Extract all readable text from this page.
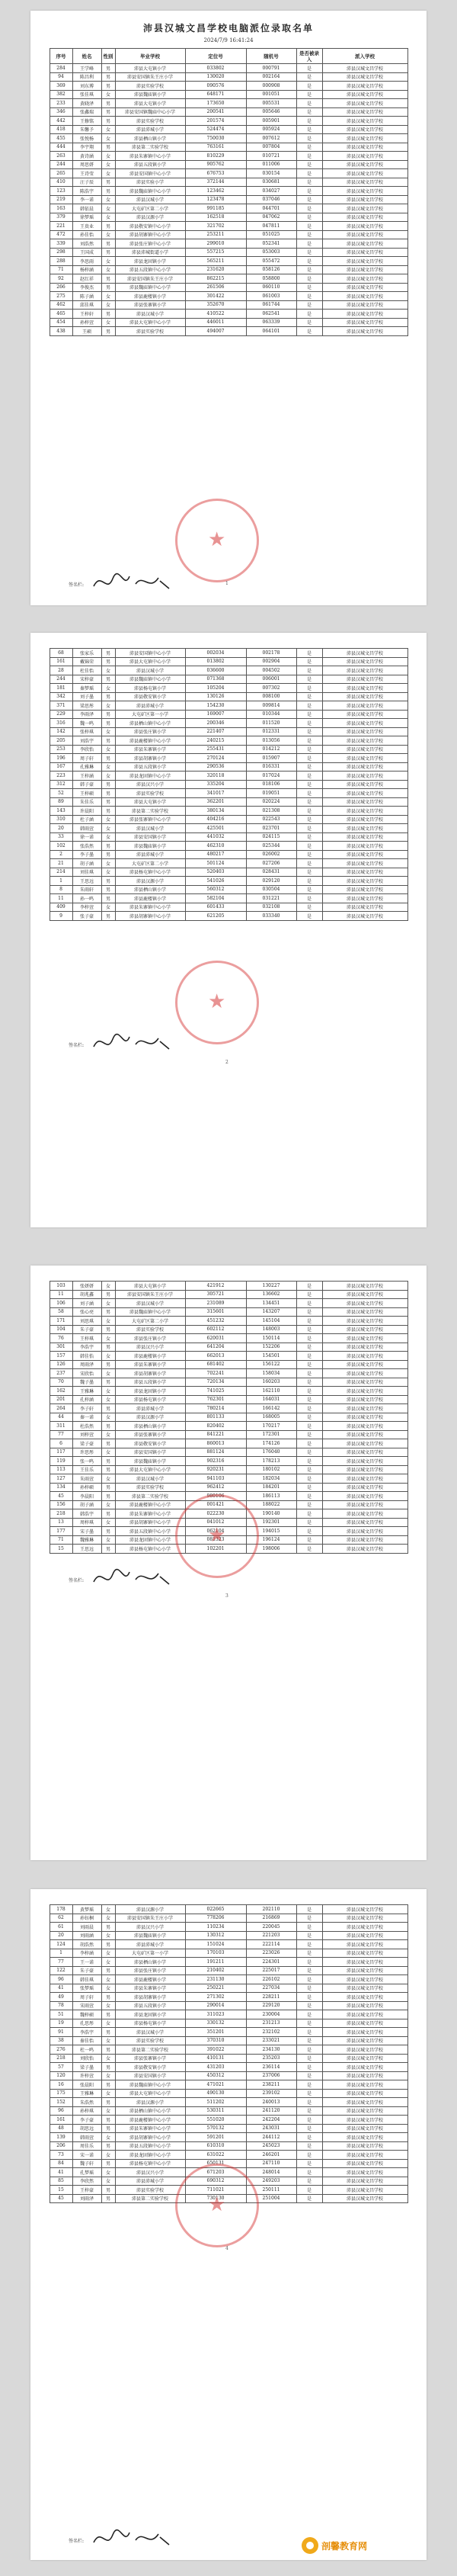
沛县汉城文昌学校电脑派位录取名单
2024/7/9 16:41:24
序号	姓名	性别	毕业学校	定位号	随机号	是否被录入	派入学校
284	王学峰	男	沛县大屯镇小学	033802	000791	是	沛县汉城文昌学校
94	陈昌利	男	沛县安国镇朱王庄小学	130020	002164	是	沛县汉城文昌学校
369	刘东博	男	沛县实验学校	090576	000908	是	沛县汉城文昌学校
382	张佳琪	女	沛县魏庙镇小学	648171	001051	是	沛县汉城文昌学校
233	黄晓泽	男	沛县大屯镇小学	173650	005531	是	沛县汉城文昌学校
346	张鑫瑞	男	沛县安国镇魏庙中心小学	200541	005646	是	沛县汉城文昌学校
442	王修铭	男	沛县实验学校	201574	005901	是	沛县汉城文昌学校
418	朱馨予	女	沛县沛城小学	524474	005924	是	沛县汉城文昌学校
455	张悦杨	女	沛县栖山镇小学	750030	007612	是	沛县汉城文昌学校
444	李宇翔	男	沛县第二实验学校	763161	007804	是	沛县汉城文昌学校
263	黄诗涵	女	沛县朱寨镇中心小学	810229	010721	是	沛县汉城文昌学校
244	周思妍	女	沛县五段镇小学	905762	011006	是	沛县汉城文昌学校
265	王诗莹	女	沛县安国镇中心小学	676753	030154	是	沛县汉城文昌学校
410	汪子辰	男	沛县实验小学	372144	030681	是	沛县汉城文昌学校
123	陈浩宇	男	沛县魏庙镇中心小学	123462	034027	是	沛县汉城文昌学校
219	李一诺	女	沛县汉城小学	123478	037046	是	沛县汉城文昌学校
163	韩依晨	女	大屯矿区第二小学	991185	044701	是	沛县汉城文昌学校
379	徐梦瑶	女	沛县汉源小学	162518	047062	是	沛县汉城文昌学校
221	王贵业	男	沛县敬安镇中心小学	321702	047811	是	沛县汉城文昌学校
472	孙佳怡	女	沛县胡寨镇中心小学	253211	051025	是	沛县汉城文昌学校
339	刘浩然	男	沛县张庄镇中心小学	299010	052341	是	沛县汉城文昌学校
298	王国成	男	沛县沛城街道小学	557215	053003	是	沛县汉城文昌学校
288	李思雨	女	沛县龙固镇小学	565211	055472	是	沛县汉城文昌学校
71	杨梓涵	女	沛县五段镇中心小学	231620	058126	是	沛县汉城文昌学校
92	赵红祥	男	沛县安国镇朱王庄小学	862215	058800	是	沛县汉城文昌学校
266	李俊杰	男	沛县魏庙镇中心小学	261506	060110	是	沛县汉城文昌学校
275	陈子涵	女	沛县鹿楼镇小学	301422	061003	是	沛县汉城文昌学校
462	邱佳琪	女	沛县张寨镇小学	352670	061744	是	沛县汉城文昌学校
465	王梓轩	男	沛县汉城小学	410522	062541	是	沛县汉城文昌学校
454	孙梓萱	女	沛县大屯镇中心小学	446011	063339	是	沛县汉城文昌学校
438	王硕	男	沛县实验学校	494007	064101	是	沛县汉城文昌学校
★
签名栏:	1
68	张家乐	男	沛县安国镇中心小学	002034	002178	是	沛县汉城文昌学校
161	戴锦荣	男	沛县大屯镇中心小学	013802	002904	是	沛县汉城文昌学校
28	杜佳怡	女	沛县汉城小学	036600	004502	是	沛县汉城文昌学校
244	宋梓豪	男	沛县魏庙镇中心小学	071368	006001	是	沛县汉城文昌学校
181	秦梦瑶	女	沛县杨屯镇小学	105204	007302	是	沛县汉城文昌学校
342	刘子墨	男	沛县敬安镇小学	130126	008100	是	沛县汉城文昌学校
371	梁思彤	女	沛县沛城小学	154230	009814	是	沛县汉城文昌学校
229	李雨泽	男	大屯矿区第一小学	169007	010344	是	沛县汉城文昌学校
316	魏一鸣	男	沛县栖山镇中心小学	200346	011520	是	沛县汉城文昌学校
142	张梓琪	女	沛县张庄镇小学	221407	012331	是	沛县汉城文昌学校
205	刘浩宇	男	沛县鹿楼镇中心小学	240215	013056	是	沛县汉城文昌学校
253	李欣怡	女	沛县朱寨镇小学	255431	014212	是	沛县汉城文昌学校
196	周子轩	男	沛县胡寨镇小学	270124	015907	是	沛县汉城文昌学校
167	孔雅琳	女	沛县五段镇小学	290536	016331	是	沛县汉城文昌学校
223	王梓涵	女	沛县龙固镇中心小学	320118	017024	是	沛县汉城文昌学校
312	韩子豪	男	沛县汉兴小学	335204	018106	是	沛县汉城文昌学校
52	王梓硕	男	沛县实验学校	341017	019051	是	沛县汉城文昌学校
89	朱佳乐	男	沛县大屯镇小学	362201	020224	是	沛县汉城文昌学校
143	许晨阳	男	沛县第二实验学校	380134	021308	是	沛县汉城文昌学校
310	杜子涵	女	沛县张寨镇中心小学	404216	022543	是	沛县汉城文昌学校
20	韩雨萱	女	沛县汉城小学	425501	023701	是	沛县汉城文昌学校
33	徐一诺	女	沛县安国镇小学	441032	024115	是	沛县汉城文昌学校
102	张浩然	男	沛县魏庙镇小学	462310	025344	是	沛县汉城文昌学校
2	李子墨	男	沛县沛城小学	480217	026002	是	沛县汉城文昌学校
21	胡子涵	女	大屯矿区第二小学	501124	027206	是	沛县汉城文昌学校
214	刘佳琪	女	沛县杨屯镇中心小学	520403	028431	是	沛县汉城文昌学校
1	王思远	男	沛县汉源小学	541026	029120	是	沛县汉城文昌学校
8	朱雨轩	男	沛县栖山镇小学	560312	030504	是	沛县汉城文昌学校
11	孙一鸣	男	沛县鹿楼镇小学	582104	031221	是	沛县汉城文昌学校
409	李梓萱	女	沛县朱寨镇中心小学	601433	032108	是	沛县汉城文昌学校
9	张子豪	男	沛县胡寨镇中心小学	621205	033340	是	沛县汉城文昌学校
★
签名栏:
2
103	张妍妍	女	沛县大屯镇小学	421912	130227	是	沛县汉城文昌学校
11	胡兆鑫	男	沛县安国镇朱王庄小学	305721	136602	是	沛县汉城文昌学校
106	刘子涵	女	沛县汉城小学	231089	134451	是	沛县汉城文昌学校
58	张心亮	男	沛县魏庙镇中心小学	315601	143207	是	沛县汉城文昌学校
171	刘思琪	女	大屯矿区第二小学	451232	145104	是	沛县汉城文昌学校
104	朱子豪	男	沛县实验学校	602112	148003	是	沛县汉城文昌学校
76	王梓琪	女	沛县张庄镇小学	620031	150114	是	沛县汉城文昌学校
301	李浩宇	男	沛县汉兴小学	641204	152206	是	沛县汉城文昌学校
157	韩佳怡	女	沛县鹿楼镇小学	662013	154501	是	沛县汉城文昌学校
126	周雨泽	男	沛县朱寨镇小学	681402	156122	是	沛县汉城文昌学校
237	宋欣怡	女	沛县胡寨镇小学	702241	158034	是	沛县汉城文昌学校
70	魏子墨	男	沛县五段镇小学	720134	160203	是	沛县汉城文昌学校
162	王雅琳	女	沛县龙固镇小学	741025	162110	是	沛县汉城文昌学校
201	孔梓涵	女	沛县杨屯镇小学	762301	164031	是	沛县汉城文昌学校
264	李子轩	男	沛县沛城小学	780214	166142	是	沛县汉城文昌学校
44	秦一诺	女	沛县汉源小学	801133	168005	是	沛县汉城文昌学校
311	杜浩然	男	沛县栖山镇小学	820402	170217	是	沛县汉城文昌学校
77	刘梓萱	女	沛县张寨镇小学	841221	172301	是	沛县汉城文昌学校
6	梁子豪	男	沛县敬安镇小学	860013	174126	是	沛县汉城文昌学校
117	许思彤	女	沛县安国镇小学	881124	176040	是	沛县汉城文昌学校
119	张一鸣	男	沛县魏庙镇小学	902316	178213	是	沛县汉城文昌学校
113	王佳乐	男	沛县大屯镇中心小学	920231	180102	是	沛县汉城文昌学校
127	朱雨萱	女	沛县汉城小学	941103	182034	是	沛县汉城文昌学校
134	孙梓硕	男	沛县实验学校	962412	184201	是	沛县汉城文昌学校
45	李晨阳	男	沛县第二实验学校	980106	186113	是	沛县汉城文昌学校
156	胡子涵	女	沛县鹿楼镇中心小学	001421	188022	是	沛县汉城文昌学校
218	韩浩宇	男	沛县朱寨镇中心小学	022230	190140	是	沛县汉城文昌学校
13	周梓琪	女	沛县胡寨镇中心小学	041012	192301	是	沛县汉城文昌学校
177	宋子墨	男	沛县五段镇中心小学	062104	194015	是	沛县汉城文昌学校
71	魏雅琳	女	沛县龙固镇中心小学	081323	196124	是	沛县汉城文昌学校
15	王思远	男	沛县杨屯镇中心小学	102201	198006	是	沛县汉城文昌学校
★
签名栏:
3
178	黄梦瑶	女	沛县汉源小学	022665	202110	是	沛县汉城文昌学校
62	孙钰桐	女	沛县安国镇朱王庄小学	778206	216869	是	沛县汉城文昌学校
61	刘雨晨	男	沛县汉兴小学	110234	220045	是	沛县汉城文昌学校
20	刘雨涵	女	沛县魏庙镇小学	130312	221203	是	沛县汉城文昌学校
124	胡浩然	男	沛县沛城小学	151024	222114	是	沛县汉城文昌学校
1	李梓涵	女	大屯矿区第一小学	170103	223026	是	沛县汉城文昌学校
77	王一诺	女	沛县栖山镇小学	191211	224301	是	沛县汉城文昌学校
122	朱子豪	男	沛县张庄镇小学	210402	225017	是	沛县汉城文昌学校
96	韩佳琪	女	沛县鹿楼镇小学	231130	226102	是	沛县汉城文昌学校
41	张梦瑶	女	沛县朱寨镇小学	250221	227034	是	沛县汉城文昌学校
49	周子轩	男	沛县胡寨镇小学	271302	228211	是	沛县汉城文昌学校
78	宋雨萱	女	沛县五段镇小学	290014	229120	是	沛县汉城文昌学校
51	魏梓硕	男	沛县龙固镇小学	311023	230004	是	沛县汉城文昌学校
19	孔思彤	女	沛县杨屯镇小学	330132	231213	是	沛县汉城文昌学校
91	李浩宇	男	沛县汉城小学	351201	232102	是	沛县汉城文昌学校
38	秦佳怡	女	沛县实验学校	370310	233021	是	沛县汉城文昌学校
276	杜一鸣	男	沛县第二实验学校	391022	234130	是	沛县汉城文昌学校
218	刘欣怡	女	沛县张寨镇小学	410131	235203	是	沛县汉城文昌学校
57	梁子墨	男	沛县敬安镇小学	431203	236114	是	沛县汉城文昌学校
120	许梓萱	女	沛县安国镇小学	450312	237006	是	沛县汉城文昌学校
16	张晨阳	男	沛县魏庙镇中心小学	471021	238211	是	沛县汉城文昌学校
175	王雅琳	女	沛县大屯镇中心小学	490130	239102	是	沛县汉城文昌学校
152	朱浩然	男	沛县汉源小学	511202	240013	是	沛县汉城文昌学校
96	孙梓琪	女	沛县栖山镇中心小学	530311	241120	是	沛县汉城文昌学校
161	李子豪	男	沛县鹿楼镇中心小学	551020	242204	是	沛县汉城文昌学校
48	胡思远	男	沛县朱寨镇中心小学	570132	243031	是	沛县汉城文昌学校
139	韩雨萱	女	沛县胡寨镇中心小学	591201	244112	是	沛县汉城文昌学校
206	周佳乐	男	沛县五段镇中心小学	610310	245023	是	沛县汉城文昌学校
73	宋一诺	女	沛县龙固镇中心小学	631022	246201	是	沛县汉城文昌学校
84	魏子轩	男	沛县杨屯镇中心小学	650131	247110	是	沛县汉城文昌学校
41	孔梦瑶	女	沛县汉兴小学	671203	248014	是	沛县汉城文昌学校
85	李欣然	女	沛县沛城小学	690312	249203	是	沛县汉城文昌学校
15	王梓豪	男	沛县实验学校	711021	250111	是	沛县汉城文昌学校
45	刘雨泽	男	沛县第二实验学校	730130	251004	是	沛县汉城文昌学校
★
签名栏:
4
剖馨教育网
